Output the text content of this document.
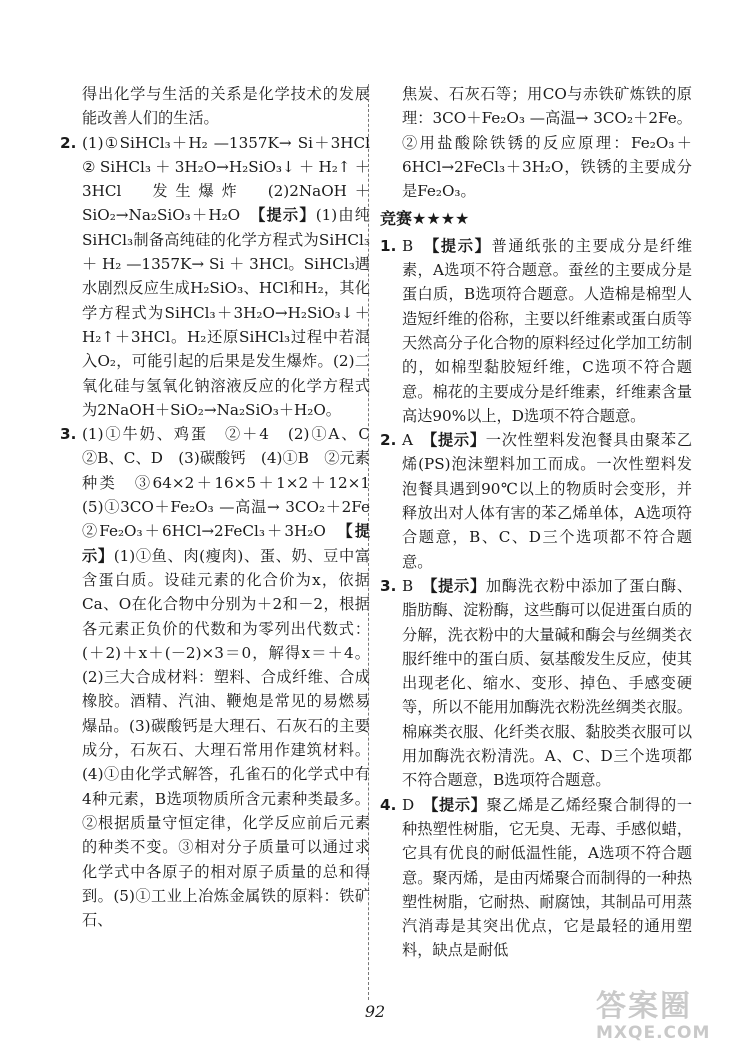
得出化学与生活的关系是化学技术的发展能改善人们的生活。

2. (1)①SiHCl₃＋H₂ —1357K→ Si＋3HCl ②SiHCl₃＋3H₂O→H₂SiO₃↓＋H₂↑＋3HCl　发生爆炸　(2)2NaOH＋SiO₂→Na₂SiO₃＋H₂O　【 提示 】 (1)由纯SiHCl₃制备高纯硅的化学方程式为SiHCl₃ ＋ H₂ —1357K→ Si ＋ 3HCl。SiHCl₃遇水剧烈反应生成H₂SiO₃、HCl和H₂，其化学方程式为SiHCl₃＋3H₂O→H₂SiO₃↓＋H₂↑＋3HCl。H₂还原SiHCl₃过程中若混入O₂，可能引起的后果是发生爆炸。(2)二氧化硅与氢氧化钠溶液反应的化学方程式为2NaOH＋SiO₂→Na₂SiO₃＋H₂O。
3. (1)①牛奶、鸡蛋　②＋4　(2)①A、C　②B、C、D　(3)碳酸钙　(4)①B　②元素种类　③64×2＋16×5＋1×2＋12×1　(5)①3CO＋Fe₂O₃ —高温→ 3CO₂＋2Fe　②Fe₂O₃＋6HCl→2FeCl₃＋3H₂O　【 提示 】 (1)①鱼、肉(瘦肉)、蛋、奶、豆中富含蛋白质。设硅元素的化合价为x，依据Ca、O在化合物中分别为＋2和－2，根据各元素正负价的代数和为零列出代数式：(＋2)＋x＋(－2)×3＝0，解得x＝＋4。(2)三大合成材料：塑料、合成纤维、合成橡胶。酒精、汽油、鞭炮是常见的易燃易爆品。(3)碳酸钙是大理石、石灰石的主要成分，石灰石、大理石常用作建筑材料。(4)①由化学式解答，孔雀石的化学式中有4种元素，B选项物质所含元素种类最多。②根据质量守恒定律，化学反应前后元素的种类不变。③相对分子质量可以通过求化学式中各原子的相对原子质量的总和得到。(5)①工业上冶炼金属铁的原料：铁矿石、

焦炭、石灰石等；用CO与赤铁矿炼铁的原理：3CO＋Fe₂O₃ —高温→ 3CO₂＋2Fe。②用盐酸除铁锈的反应原理：Fe₂O₃＋6HCl→2FeCl₃＋3H₂O，铁锈的主要成分是Fe₂O₃。

竞赛★★★★
1. B　【 提示 】 普通纸张的主要成分是纤维素，A选项不符合题意。蚕丝的主要成分是蛋白质，B选项符合题意。人造棉是棉型人造短纤维的俗称，主要以纤维素或蛋白质等天然高分子化合物的原料经过化学加工纺制的，如棉型黏胶短纤维，C选项不符合题意。棉花的主要成分是纤维素，纤维素含量高达90%以上，D选项不符合题意。
2. A　【 提示 】 一次性塑料发泡餐具由聚苯乙烯(PS)泡沫塑料加工而成。一次性塑料发泡餐具遇到90℃以上的物质时会变形，并释放出对人体有害的苯乙烯单体，A选项符合题意，B、C、D三个选项都不符合题意。
3. B　【 提示 】 加酶洗衣粉中添加了蛋白酶、脂肪酶、淀粉酶，这些酶可以促进蛋白质的分解，洗衣粉中的大量碱和酶会与丝绸类衣服纤维中的蛋白质、氨基酸发生反应，使其出现老化、缩水、变形、掉色、手感变硬等，所以不能用加酶洗衣粉洗丝绸类衣服。棉麻类衣服、化纤类衣服、黏胶类衣服可以用加酶洗衣粉清洗。A、C、D三个选项都不符合题意，B选项符合题意。
4. D　【 提示 】 聚乙烯是乙烯经聚合制得的一种热塑性树脂，它无臭、无毒、手感似蜡，它具有优良的耐低温性能，A选项不符合题意。聚丙烯，是由丙烯聚合而制得的一种热塑性树脂，它耐热、耐腐蚀，其制品可用蒸汽消毒是其突出优点，它是最轻的通用塑料，缺点是耐低
92	答案圈
MXQE.COM
